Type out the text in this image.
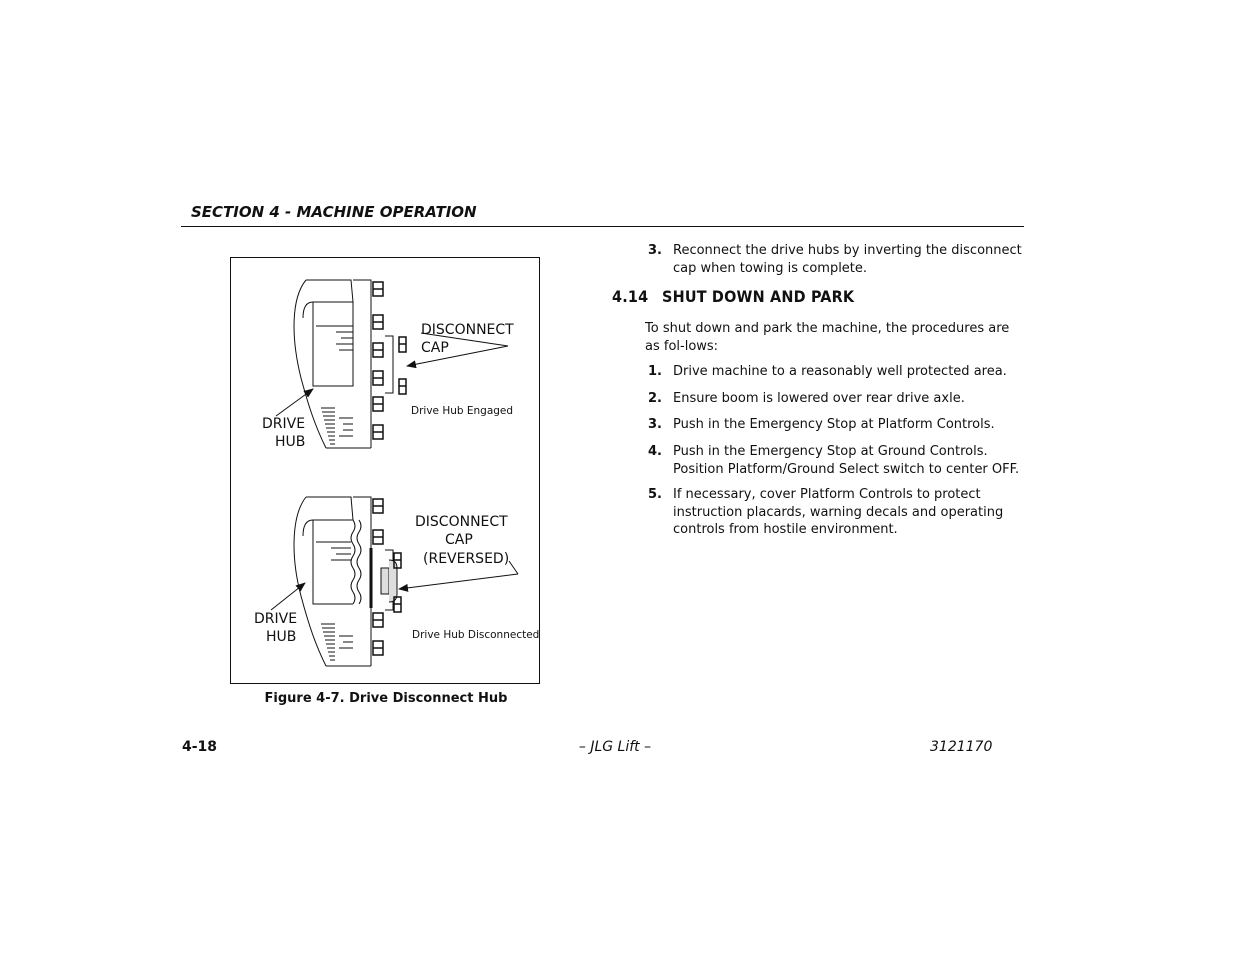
SECTION 4 - MACHINE OPERATION
DISCONNECT
CAP
DRIVE
HUB
Drive Hub Engaged
DISCONNECT
CAP
(REVERSED)
DRIVE
HUB	Drive Hub Disconnected
Figure 4-7. Drive Disconnect Hub
3. Reconnect the drive hubs by inverting the disconnect cap when towing is complete.
4.14 SHUT DOWN AND PARK
To shut down and park the machine, the procedures are as fol-lows:
1. Drive machine to a reasonably well protected area.
2. Ensure boom is lowered over rear drive axle.
3. Push in the Emergency Stop at Platform Controls.
4. Push in the Emergency Stop at Ground Controls. Position Platform/Ground Select switch to center OFF.
5. If necessary, cover Platform Controls to protect instruction placards, warning decals and operating controls from hostile environment.
4-18	– JLG Lift –	3121170
